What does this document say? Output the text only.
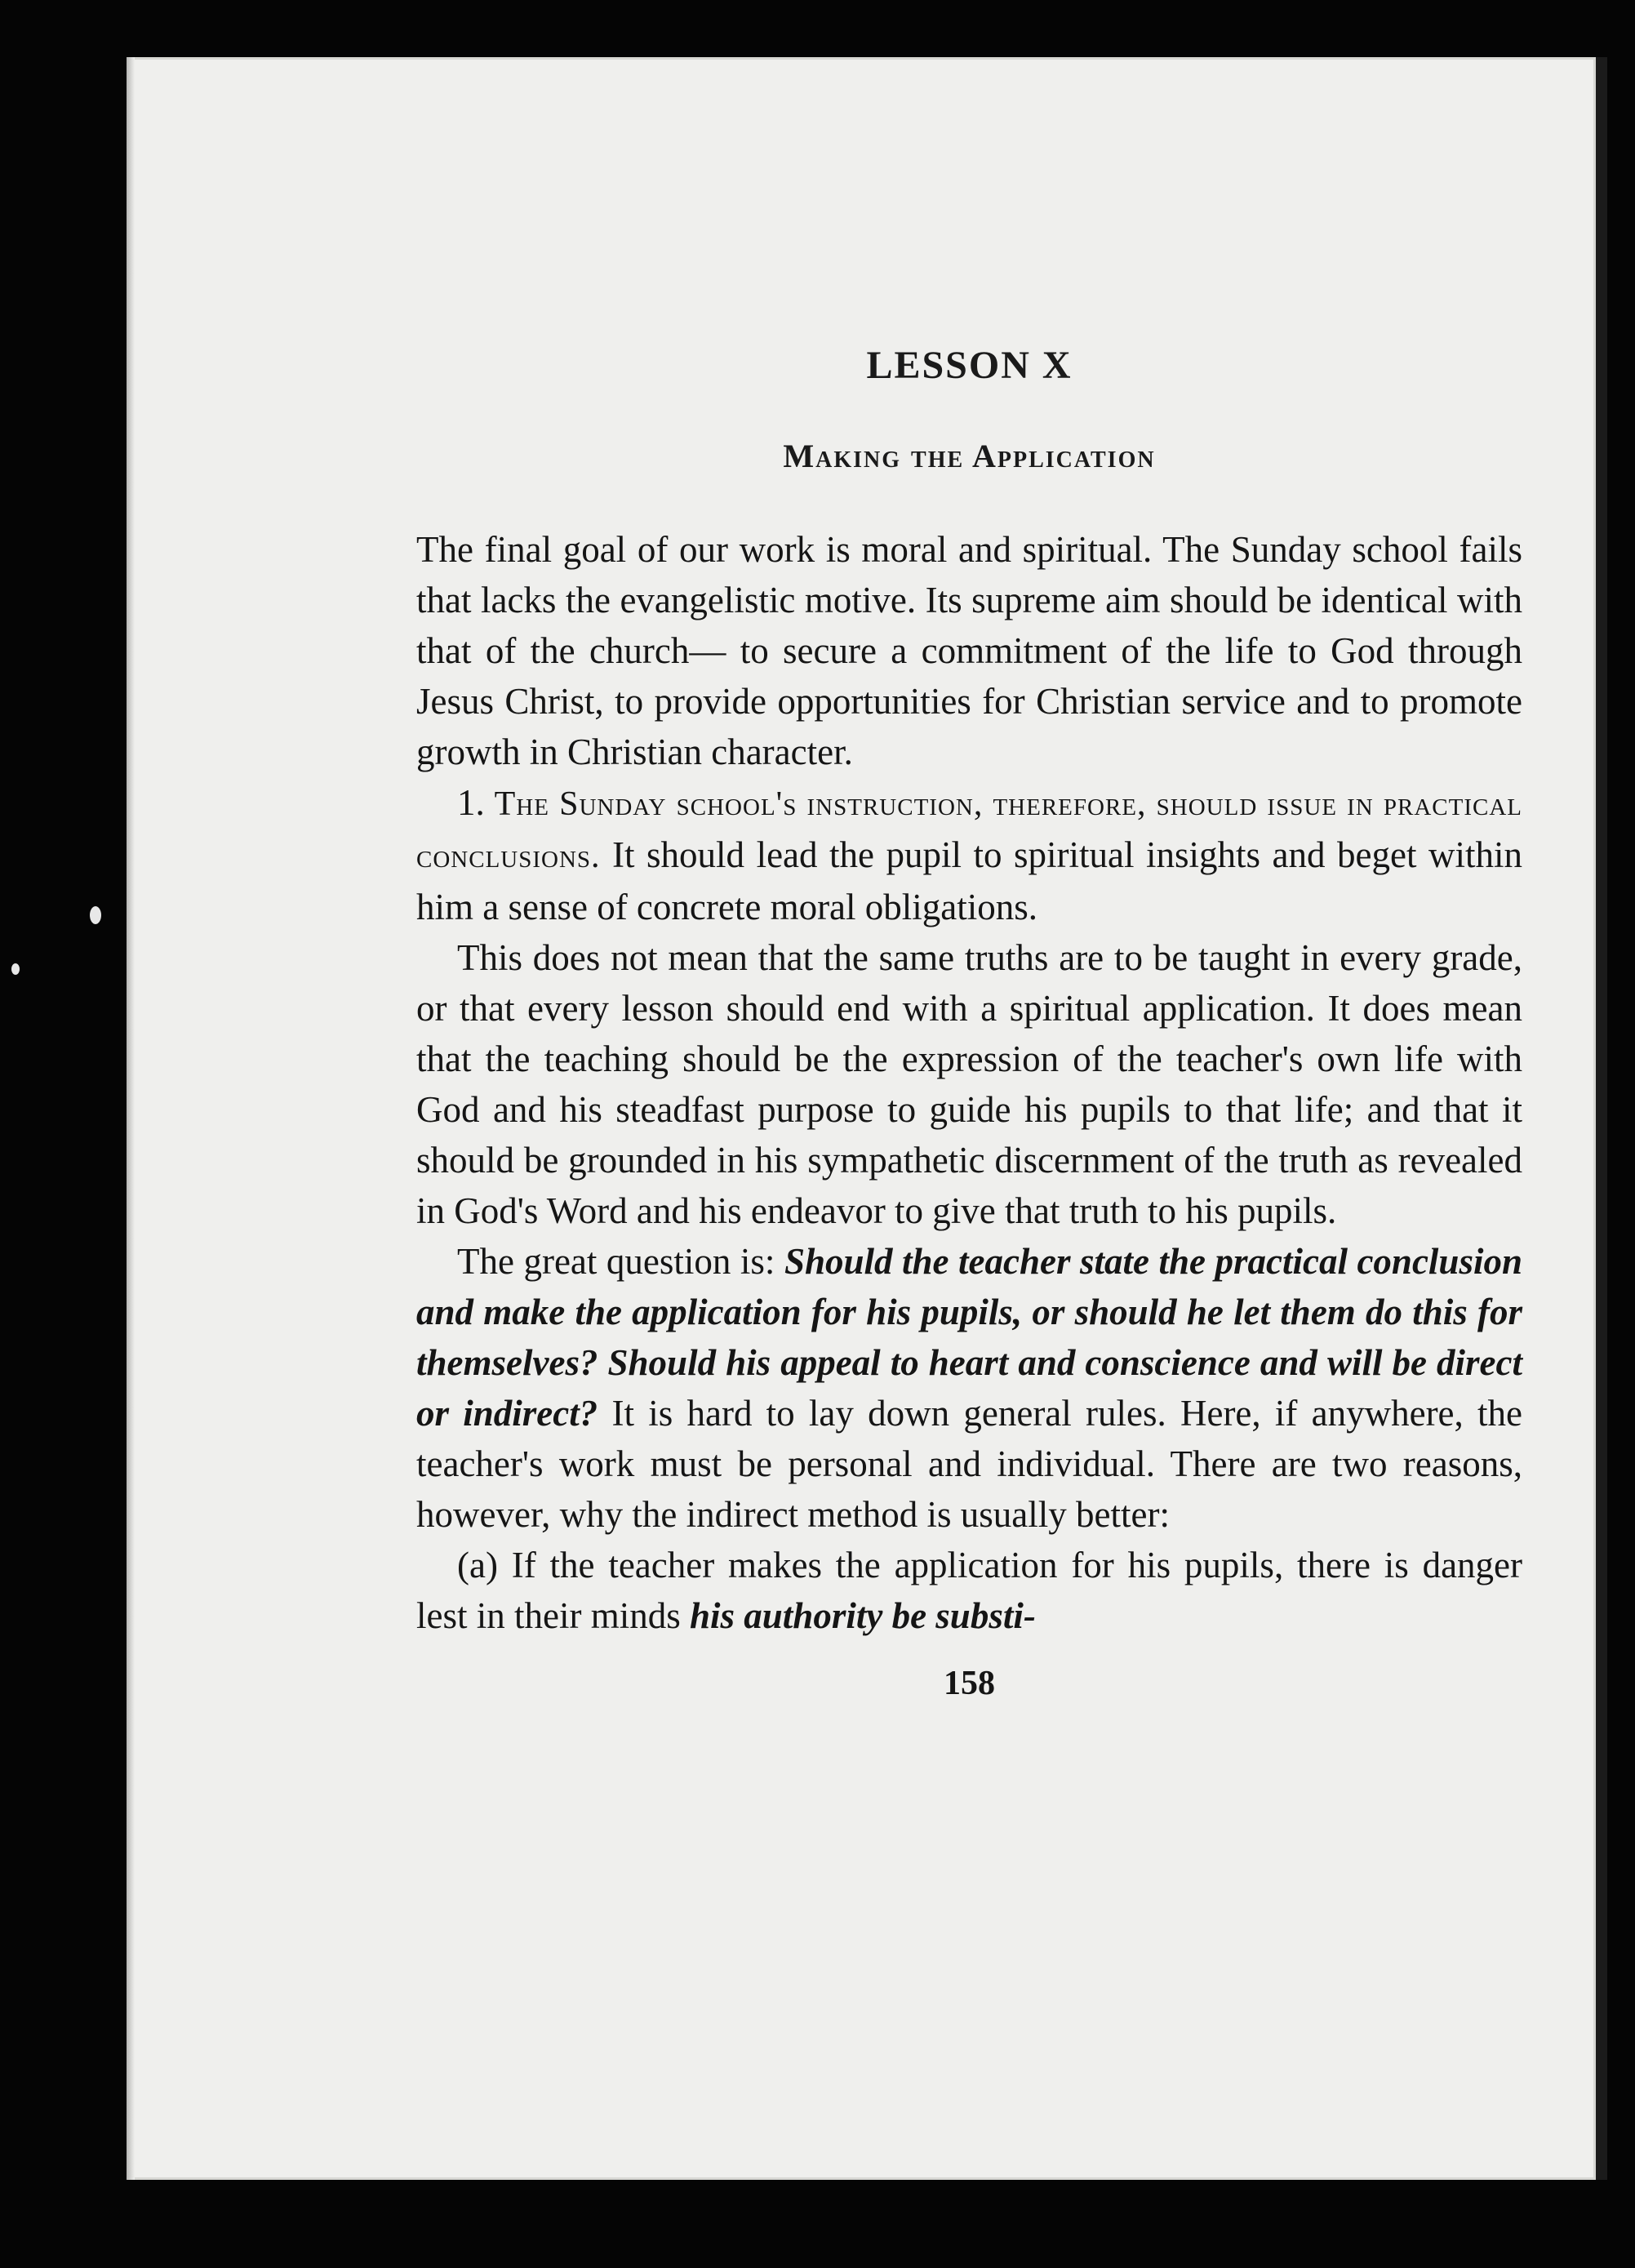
LESSON X
Making the Application

The final goal of our work is moral and spiritual. The Sunday school fails that lacks the evangelistic motive. Its supreme aim should be identical with that of the church— to secure a commitment of the life to God through Jesus Christ, to provide opportunities for Christian service and to promote growth in Christian character.

1. The Sunday school's instruction, therefore, should issue in practical conclusions. It should lead the pupil to spiritual insights and beget within him a sense of concrete moral obligations.

This does not mean that the same truths are to be taught in every grade, or that every lesson should end with a spiritual application. It does mean that the teaching should be the expression of the teacher's own life with God and his steadfast purpose to guide his pupils to that life; and that it should be grounded in his sympathetic discernment of the truth as revealed in God's Word and his endeavor to give that truth to his pupils.

The great question is: Should the teacher state the practical conclusion and make the application for his pupils, or should he let them do this for themselves? Should his appeal to heart and conscience and will be direct or indirect? It is hard to lay down general rules. Here, if anywhere, the teacher's work must be personal and individual. There are two reasons, however, why the indirect method is usually better:

(a) If the teacher makes the application for his pupils, there is danger lest in their minds his authority be substi-

158
